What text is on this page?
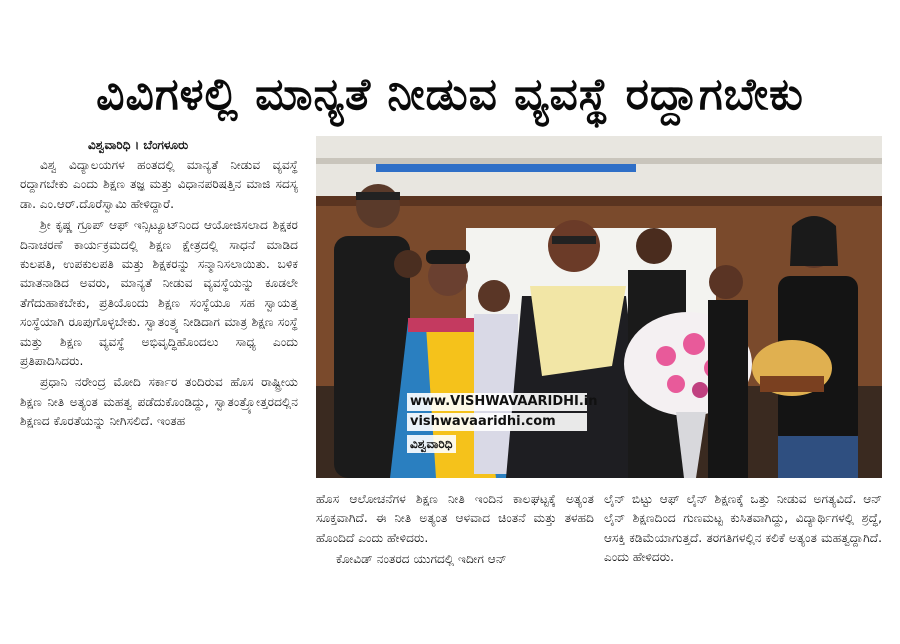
ವಿವಿಗಳಲ್ಲಿ ಮಾನ್ಯತೆ ನೀಡುವ ವ್ಯವಸ್ಥೆ ರದ್ದಾಗಬೇಕು
ವಿಶ್ವವಾರಿಧಿ । ಬೆಂಗಳೂರು

ವಿಶ್ವ ವಿದ್ಯಾಲಯಗಳ ಹಂತದಲ್ಲಿ ಮಾನ್ಯತೆ ನೀಡುವ ವ್ಯವಸ್ಥೆ ರದ್ದಾಗಬೇಕು ಎಂದು ಶಿಕ್ಷಣ ತಜ್ಞ ಮತ್ತು ವಿಧಾನಪರಿಷತ್ತಿನ ಮಾಜಿ ಸದಸ್ಯ ಡಾ. ಎಂ.ಆರ್.ದೊರೆಸ್ವಾಮಿ ಹೇಳಿದ್ದಾರೆ.

ಶ್ರೀ ಕೃಷ್ಣ ಗ್ರೂಪ್ ಆಫ್ ಇನ್ಸಿಟ್ಯೂಟ್‌ನಿಂದ ಆಯೋಜಿಸಲಾದ ಶಿಕ್ಷಕರ ದಿನಾಚರಣೆ ಕಾರ್ಯಕ್ರಮದಲ್ಲಿ ಶಿಕ್ಷಣ ಕ್ಷೇತ್ರದಲ್ಲಿ ಸಾಧನೆ ಮಾಡಿದ ಕುಲಪತಿ, ಉಪಕುಲಪತಿ ಮತ್ತು ಶಿಕ್ಷಕರನ್ನು ಸನ್ಮಾನಿಸಲಾಯಿತು. ಬಳಿಕ ಮಾತನಾಡಿದ ಅವರು, ಮಾನ್ಯತೆ ನೀಡುವ ವ್ಯವಸ್ಥೆಯನ್ನು ಕೂಡಲೇ ತೆಗೆದುಹಾಕಬೇಕು, ಪ್ರತಿಯೊಂದು ಶಿಕ್ಷಣ ಸಂಸ್ಥೆಯೂ ಸಹ ಸ್ವಾಯತ್ತ ಸಂಸ್ಥೆಯಾಗಿ ರೂಪುಗೊಳ್ಳಬೇಕು. ಸ್ವಾತಂತ್ರ್ಯ ನೀಡಿದಾಗ ಮಾತ್ರ ಶಿಕ್ಷಣ ಸಂಸ್ಥೆ ಮತ್ತು ಶಿಕ್ಷಣ ವ್ಯವಸ್ಥೆ ಅಭಿವೃದ್ಧಿಹೊಂದಲು ಸಾಧ್ಯ ಎಂದು ಪ್ರತಿಪಾದಿಸಿದರು.

ಪ್ರಧಾನಿ ನರೇಂದ್ರ ಮೋದಿ ಸರ್ಕಾರ ತಂದಿರುವ ಹೊಸ ರಾಷ್ಟ್ರೀಯ ಶಿಕ್ಷಣ ನೀತಿ ಅತ್ಯಂತ ಮಹತ್ವ ಪಡೆದುಕೊಂಡಿದ್ದು, ಸ್ವಾತಂತ್ರ್ಯೋತ್ತರದಲ್ಲಿನ ಶಿಕ್ಷಣದ ಕೊರತೆಯನ್ನು ನೀಗಿಸಲಿದೆ. ಇಂತಹ

www.VISHWAVAARIDHI.in
vishwavaaridhi.com
ವಿಶ್ವವಾರಿಧಿ

ಹೊಸ ಆಲೋಚನೆಗಳ ಶಿಕ್ಷಣ ನೀತಿ ಇಂದಿನ ಕಾಲಘಟ್ಟಕ್ಕೆ ಅತ್ಯಂತ ಸೂಕ್ತವಾಗಿದೆ. ಈ ನೀತಿ ಅತ್ಯಂತ ಆಳವಾದ ಚಿಂತನೆ ಮತ್ತು ತಳಹದಿ ಹೊಂದಿದೆ ಎಂದು ಹೇಳಿದರು.

ಕೋವಿಡ್ ನಂತರದ ಯುಗದಲ್ಲಿ ಇದೀಗ ಆನ್

ಲೈನ್ ಬಿಟ್ಟು ಆಫ್ ಲೈನ್ ಶಿಕ್ಷಣಕ್ಕೆ ಒತ್ತು ನೀಡುವ ಅಗತ್ಯವಿದೆ. ಆನ್ ಲೈನ್ ಶಿಕ್ಷಣದಿಂದ ಗುಣಮಟ್ಟ ಕುಸಿತವಾಗಿದ್ದು, ವಿದ್ಯಾರ್ಥಿಗಳಲ್ಲಿ ಶ್ರದ್ಧೆ, ಆಸಕ್ತಿ ಕಡಿಮೆಯಾಗುತ್ತದೆ. ತರಗತಿಗಳಲ್ಲಿನ ಕಲಿಕೆ ಅತ್ಯಂತ ಮಹತ್ವದ್ದಾಗಿದೆ. ಎಂದು ಹೇಳಿದರು.
